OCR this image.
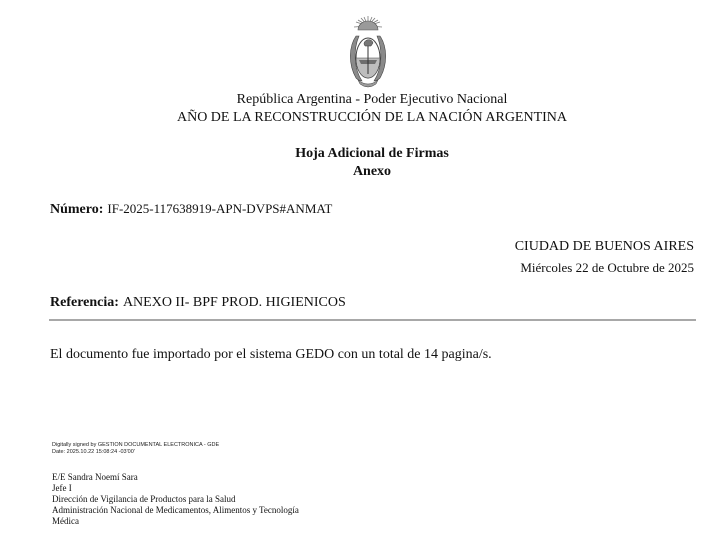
República Argentina - Poder Ejecutivo Nacional
AÑO DE LA RECONSTRUCCIÓN DE LA NACIÓN ARGENTINA
Hoja Adicional de Firmas
Anexo
Número: IF-2025-117638919-APN-DVPS#ANMAT
CIUDAD DE BUENOS AIRES
Miércoles 22 de Octubre de 2025
Referencia: ANEXO II- BPF PROD. HIGIENICOS
El documento fue importado por el sistema GEDO con un total de 14 pagina/s.
Digitally signed by GESTION DOCUMENTAL ELECTRONICA - GDE
Date: 2025.10.22 15:08:24 -03'00'
E/E Sandra Noemí Sara
Jefe I
Dirección de Vigilancia de Productos para la Salud
Administración Nacional de Medicamentos, Alimentos y Tecnología
Médica
